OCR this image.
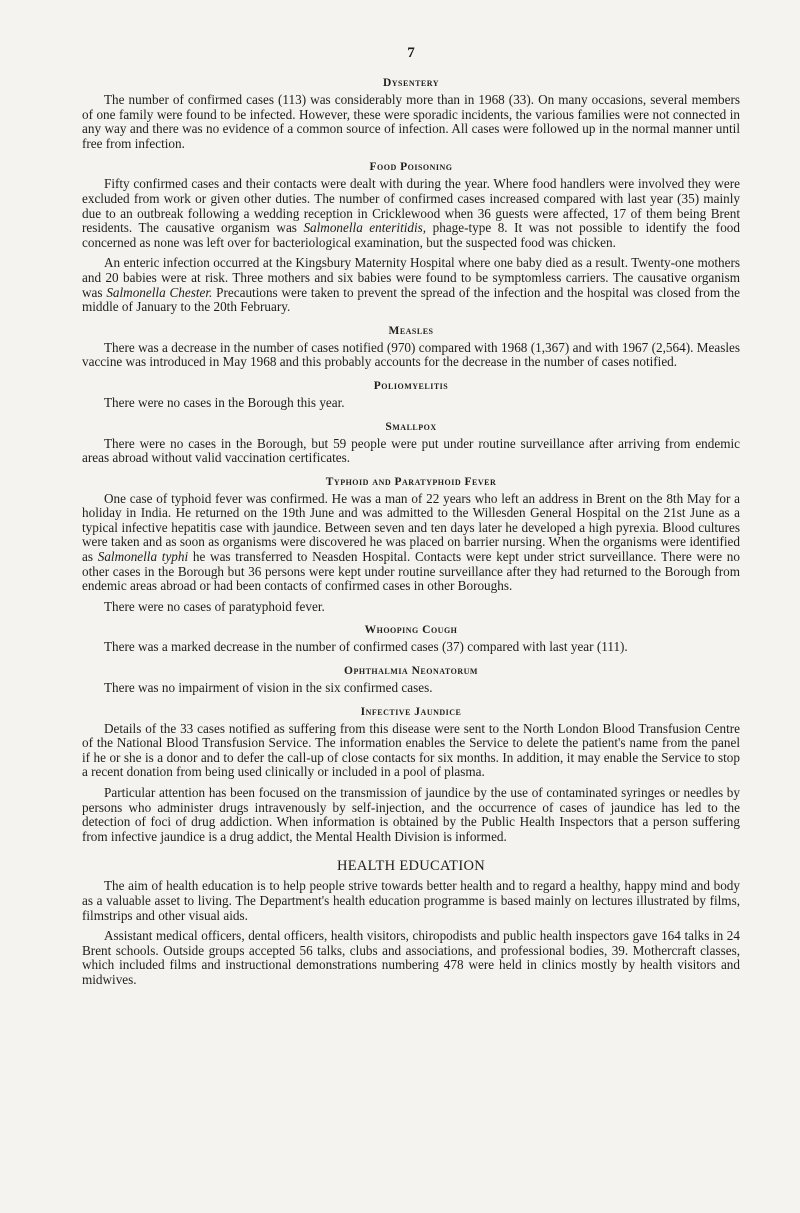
7
Dysentery

The number of confirmed cases (113) was considerably more than in 1968 (33). On many occasions, several members of one family were found to be infected. However, these were sporadic incidents, the various families were not connected in any way and there was no evidence of a common source of infection. All cases were followed up in the normal manner until free from infection.

Food Poisoning

Fifty confirmed cases and their contacts were dealt with during the year. Where food handlers were involved they were excluded from work or given other duties. The number of confirmed cases increased compared with last year (35) mainly due to an outbreak following a wedding reception in Cricklewood when 36 guests were affected, 17 of them being Brent residents. The causative organism was Salmonella enteritidis, phage-type 8. It was not possible to identify the food concerned as none was left over for bacteriological examination, but the suspected food was chicken.

An enteric infection occurred at the Kingsbury Maternity Hospital where one baby died as a result. Twenty-one mothers and 20 babies were at risk. Three mothers and six babies were found to be symptomless carriers. The causative organism was Salmonella Chester. Precautions were taken to prevent the spread of the infection and the hospital was closed from the middle of January to the 20th February.

Measles

There was a decrease in the number of cases notified (970) compared with 1968 (1,367) and with 1967 (2,564). Measles vaccine was introduced in May 1968 and this probably accounts for the decrease in the number of cases notified.

Poliomyelitis

There were no cases in the Borough this year.

Smallpox

There were no cases in the Borough, but 59 people were put under routine surveillance after arriving from endemic areas abroad without valid vaccination certificates.

Typhoid and Paratyphoid Fever

One case of typhoid fever was confirmed. He was a man of 22 years who left an address in Brent on the 8th May for a holiday in India. He returned on the 19th June and was admitted to the Willesden General Hospital on the 21st June as a typical infective hepatitis case with jaundice. Between seven and ten days later he developed a high pyrexia. Blood cultures were taken and as soon as organisms were discovered he was placed on barrier nursing. When the organisms were identified as Salmonella typhi he was transferred to Neasden Hospital. Contacts were kept under strict surveillance. There were no other cases in the Borough but 36 persons were kept under routine surveillance after they had returned to the Borough from endemic areas abroad or had been contacts of confirmed cases in other Boroughs.

There were no cases of paratyphoid fever.

Whooping Cough

There was a marked decrease in the number of confirmed cases (37) compared with last year (111).

Ophthalmia Neonatorum

There was no impairment of vision in the six confirmed cases.

Infective Jaundice

Details of the 33 cases notified as suffering from this disease were sent to the North London Blood Transfusion Centre of the National Blood Transfusion Service. The information enables the Service to delete the patient's name from the panel if he or she is a donor and to defer the call-up of close contacts for six months. In addition, it may enable the Service to stop a recent donation from being used clinically or included in a pool of plasma.

Particular attention has been focused on the transmission of jaundice by the use of contaminated syringes or needles by persons who administer drugs intravenously by self-injection, and the occurrence of cases of jaundice has led to the detection of foci of drug addiction. When information is obtained by the Public Health Inspectors that a person suffering from infective jaundice is a drug addict, the Mental Health Division is informed.

HEALTH EDUCATION

The aim of health education is to help people strive towards better health and to regard a healthy, happy mind and body as a valuable asset to living. The Department's health education programme is based mainly on lectures illustrated by films, filmstrips and other visual aids.

Assistant medical officers, dental officers, health visitors, chiropodists and public health inspectors gave 164 talks in 24 Brent schools. Outside groups accepted 56 talks, clubs and associations, and professional bodies, 39. Mothercraft classes, which included films and instructional demonstrations numbering 478 were held in clinics mostly by health visitors and midwives.
